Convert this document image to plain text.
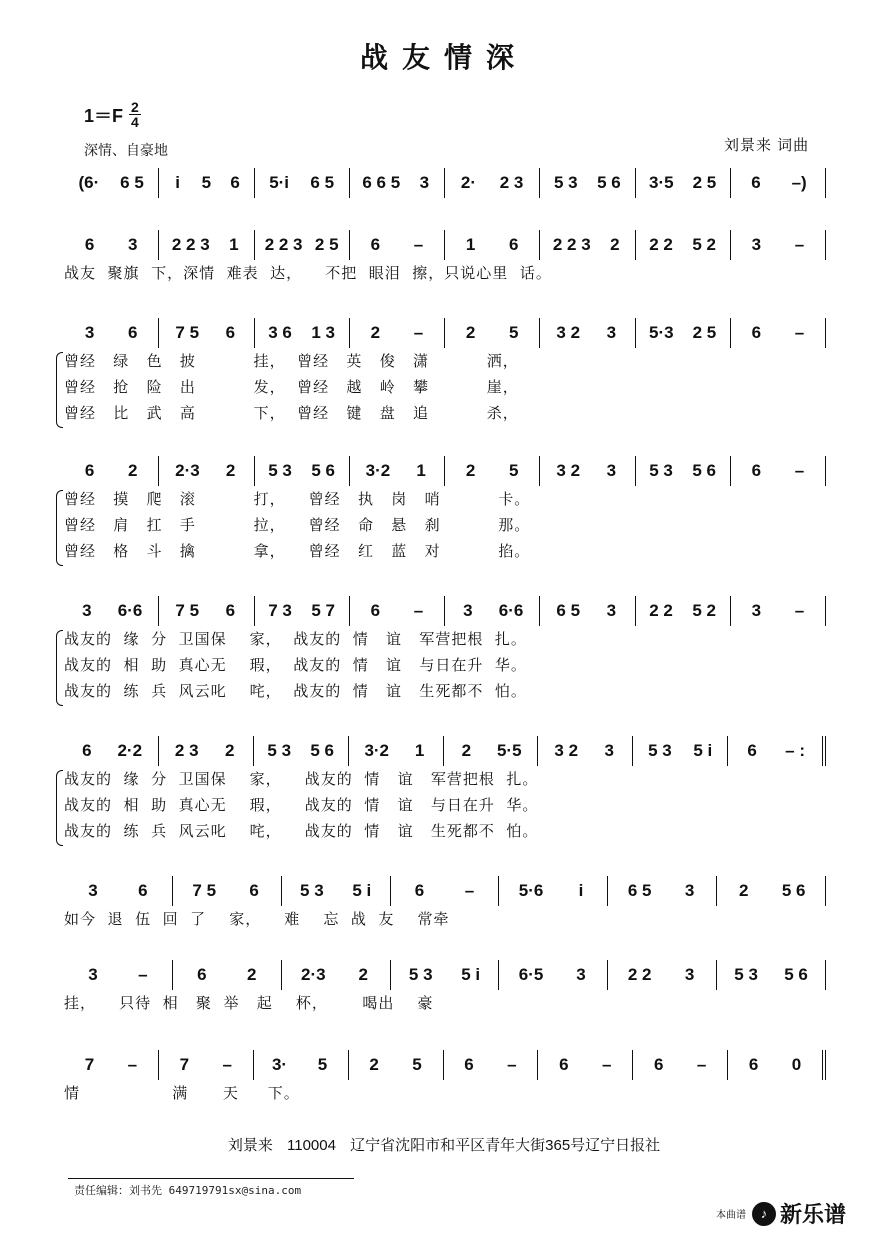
战友情深
$1=F \frac{2}{4}$
深情、自豪地	刘景来 词曲
(6· 6 5 i 5 6 5·i 6 5 6 6 5 3 2· 2 3 5 3 5 6 3·5 2 5 6 –)
6 3 2 2 3 1 2 2 3 2 5 6 –	1 6 2 2 3 2 2 2 5 2 3 –
战友  聚旗  下，深情  难表  达，    不把  眼泪  擦，只说心里  话。
3 6 7 5 6 3 6 1 3 2 –	2 5 3 2 3 5·3 2 5 6 –
曾经   绿   色   披          挂，  曾经   英   俊   潇          洒，
曾经   抢   险   出          发，  曾经   越   岭   攀          崖，
曾经   比   武   高          下，  曾经   键   盘   追          杀，
6 2 2·3 2 5 3 5 6 3·2 1 2 5 3 2 3 5 3 5 6 6 –
曾经   摸   爬   滚          打，    曾经   执   岗   哨          卡。
曾经   肩   扛   手          拉，    曾经   命   悬   刹          那。
曾经   格   斗   擒          拿，    曾经   红   蓝   对          掐。
3 6·6 7 5 6 7 3 5 7 6 – 3 6·6 6 5 3 2 2 5 2 3 –
战友的  缘  分  卫国保    家，  战友的  情   谊   军营把根  扎。
战友的  相  助  真心无    瑕，  战友的  情   谊   与日在升  华。
战友的  练  兵  风云叱    咤，  战友的  情   谊   生死都不  怕。
6 2·2 2 3 2 5 3 5 6 3·2 1 2 5·5 3 2 3 5 3 5 i 6 – :
战友的  缘  分  卫国保    家，    战友的  情   谊   军营把根  扎。
战友的  相  助  真心无    瑕，    战友的  情   谊   与日在升  华。
战友的  练  兵  风云叱    咤，    战友的  情   谊   生死都不  怕。
3 6	7 5 6 5 3 5 i	6 –	5·6 i	6 5 3	2 5 6
如今  退  伍  回  了    家，    难    忘  战  友    常牵
3 –	6 2	2·3 2 5 3 5 i 6·5 3 2 2 3 5 3 5 6
挂，    只待  相   聚  举   起    杯，      喝出    豪
7 – 7 – 3· 5 2 5 6 – 6 – 6 – 6 0
情                满      天     下。
刘景来 110004 辽宁省沈阳市和平区青年大街365号辽宁日报社
责任编辑：刘书先 649719791sx@sina.com
本曲谱	♪ 新乐谱
